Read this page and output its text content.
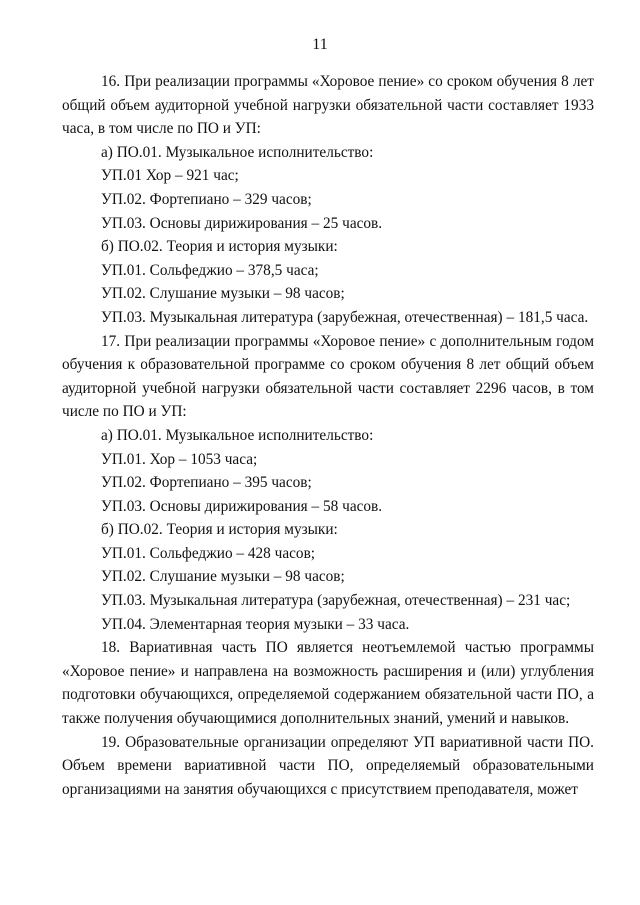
11

16. При реализации программы «Хоровое пение» со сроком обучения 8 лет общий объем аудиторной учебной нагрузки обязательной части составляет 1933 часа, в том числе по ПО и УП:

а) ПО.01. Музыкальное исполнительство:

УП.01 Хор – 921 час;

УП.02. Фортепиано – 329 часов;

УП.03. Основы дирижирования – 25 часов.

б) ПО.02. Теория и история музыки:

УП.01. Сольфеджио – 378,5 часа;

УП.02. Слушание музыки – 98 часов;

УП.03. Музыкальная литература (зарубежная, отечественная) – 181,5 часа.

17. При реализации программы «Хоровое пение» с дополнительным годом обучения к образовательной программе со сроком обучения 8 лет общий объем аудиторной учебной нагрузки обязательной части составляет 2296 часов, в том числе по ПО и УП:

а) ПО.01. Музыкальное исполнительство:

УП.01. Хор – 1053 часа;

УП.02. Фортепиано – 395 часов;

УП.03. Основы дирижирования – 58 часов.

б) ПО.02. Теория и история музыки:

УП.01. Сольфеджио – 428 часов;

УП.02. Слушание музыки – 98 часов;

УП.03. Музыкальная литература (зарубежная, отечественная) – 231 час;

УП.04. Элементарная теория музыки – 33 часа.

18. Вариативная часть ПО является неотъемлемой частью программы «Хоровое пение» и направлена на возможность расширения и (или) углубления подготовки обучающихся, определяемой содержанием обязательной части ПО, а также получения обучающимися дополнительных знаний, умений и навыков.

19. Образовательные организации определяют УП вариативной части ПО. Объем времени вариативной части ПО, определяемый образовательными организациями на занятия обучающихся с присутствием преподавателя, может
